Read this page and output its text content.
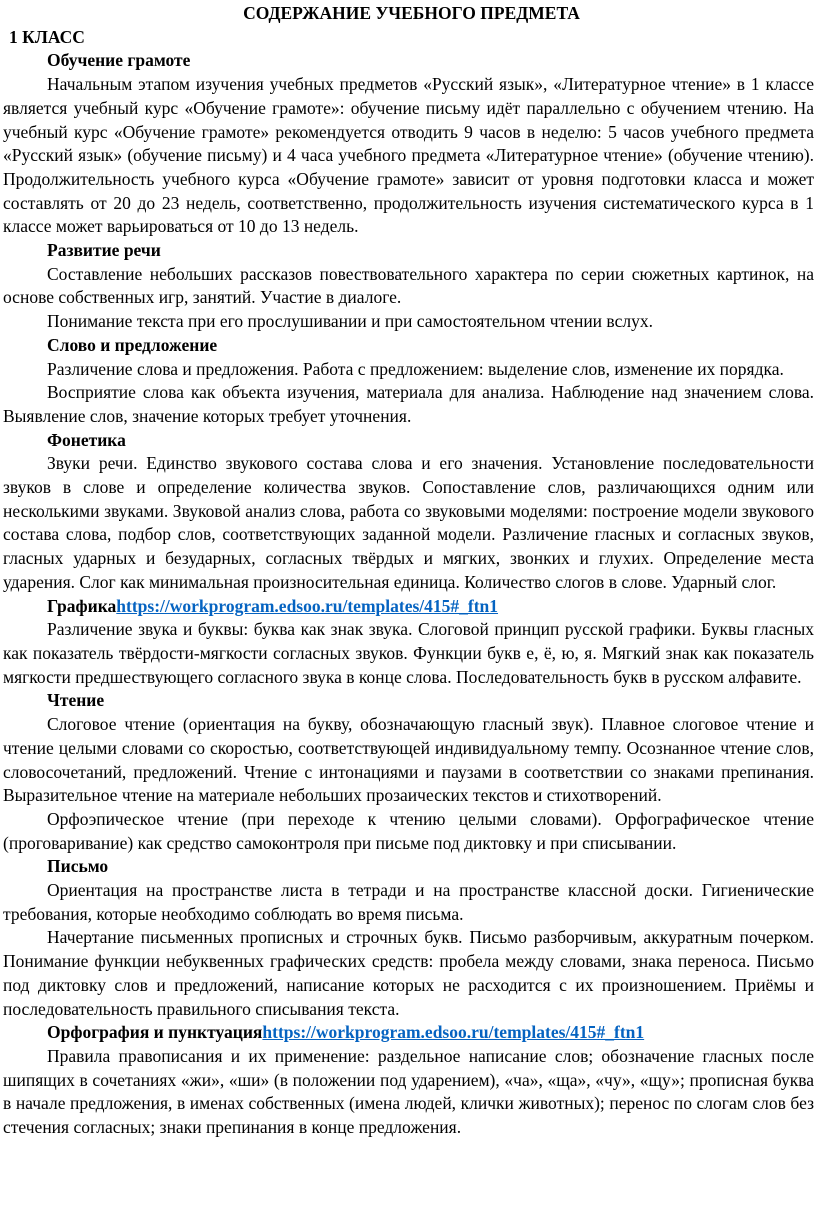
СОДЕРЖАНИЕ УЧЕБНОГО ПРЕДМЕТА

1 КЛАСС

Обучение грамоте

Начальным этапом изучения учебных предметов «Русский язык», «Литературное чтение» в 1 классе является учебный курс «Обучение грамоте»: обучение письму идёт параллельно с обучением чтению. На учебный курс «Обучение грамоте» рекомендуется отводить 9 часов в неделю: 5 часов учебного предмета «Русский язык» (обучение письму) и 4 часа учебного предмета «Литературное чтение» (обучение чтению). Продолжительность учебного курса «Обучение грамоте» зависит от уровня подготовки класса и может составлять от 20 до 23 недель, соответственно, продолжительность изучения систематического курса в 1 классе может варьироваться от 10 до 13 недель.

Развитие речи

Составление небольших рассказов повествовательного характера по серии сюжетных картинок, на основе собственных игр, занятий. Участие в диалоге.

Понимание текста при его прослушивании и при самостоятельном чтении вслух.

Слово и предложение

Различение слова и предложения. Работа с предложением: выделение слов, изменение их порядка.

Восприятие слова как объекта изучения, материала для анализа. Наблюдение над значением слова. Выявление слов, значение которых требует уточнения.

Фонетика

Звуки речи. Единство звукового состава слова и его значения. Установление последовательности звуков в слове и определение количества звуков. Сопоставление слов, различающихся одним или несколькими звуками. Звуковой анализ слова, работа со звуковыми моделями: построение модели звукового состава слова, подбор слов, соответствующих заданной модели. Различение гласных и согласных звуков, гласных ударных и безударных, согласных твёрдых и мягких, звонких и глухих. Определение места ударения. Слог как минимальная произносительная единица. Количество слогов в слове. Ударный слог.

Графикаhttps://workprogram.edsoo.ru/templates/415#_ftn1

Различение звука и буквы: буква как знак звука. Слоговой принцип русской графики. Буквы гласных как показатель твёрдости-мягкости согласных звуков. Функции букв е, ё, ю, я. Мягкий знак как показатель мягкости предшествующего согласного звука в конце слова. Последовательность букв в русском алфавите.

Чтение

Слоговое чтение (ориентация на букву, обозначающую гласный звук). Плавное слоговое чтение и чтение целыми словами со скоростью, соответствующей индивидуальному темпу. Осознанное чтение слов, словосочетаний, предложений. Чтение с интонациями и паузами в соответствии со знаками препинания. Выразительное чтение на материале небольших прозаических текстов и стихотворений.

Орфоэпическое чтение (при переходе к чтению целыми словами). Орфографическое чтение (проговаривание) как средство самоконтроля при письме под диктовку и при списывании.

Письмо

Ориентация на пространстве листа в тетради и на пространстве классной доски. Гигиенические требования, которые необходимо соблюдать во время письма.

Начертание письменных прописных и строчных букв. Письмо разборчивым, аккуратным почерком. Понимание функции небуквенных графических средств: пробела между словами, знака переноса. Письмо под диктовку слов и предложений, написание которых не расходится с их произношением. Приёмы и последовательность правильного списывания текста.

Орфография и пунктуацияhttps://workprogram.edsoo.ru/templates/415#_ftn1

Правила правописания и их применение: раздельное написание слов; обозначение гласных после шипящих в сочетаниях «жи», «ши» (в положении под ударением), «ча», «ща», «чу», «щу»; прописная буква в начале предложения, в именах собственных (имена людей, клички животных); перенос по слогам слов без стечения согласных; знаки препинания в конце предложения.
